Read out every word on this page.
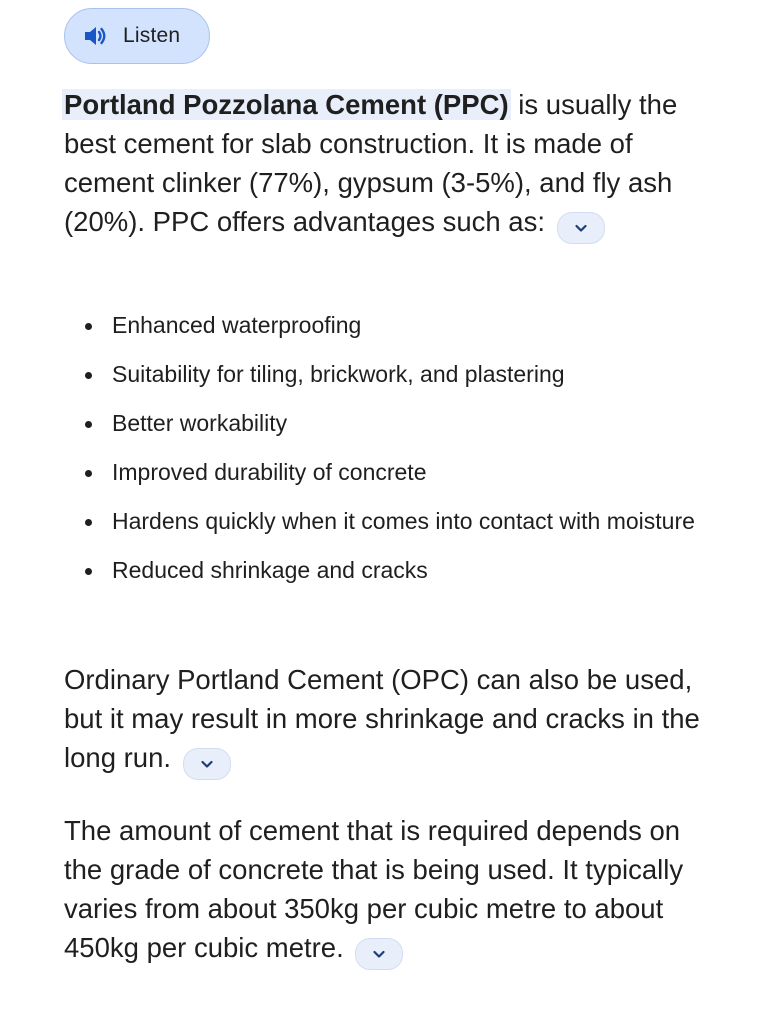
Listen
Portland Pozzolana Cement (PPC) is usually the best cement for slab construction. It is made of cement clinker (77%), gypsum (3-5%), and fly ash (20%). PPC offers advantages such as:
Enhanced waterproofing
Suitability for tiling, brickwork, and plastering
Better workability
Improved durability of concrete
Hardens quickly when it comes into contact with moisture
Reduced shrinkage and cracks
Ordinary Portland Cement (OPC) can also be used, but it may result in more shrinkage and cracks in the long run.
The amount of cement that is required depends on the grade of concrete that is being used. It typically varies from about 350kg per cubic metre to about 450kg per cubic metre.
